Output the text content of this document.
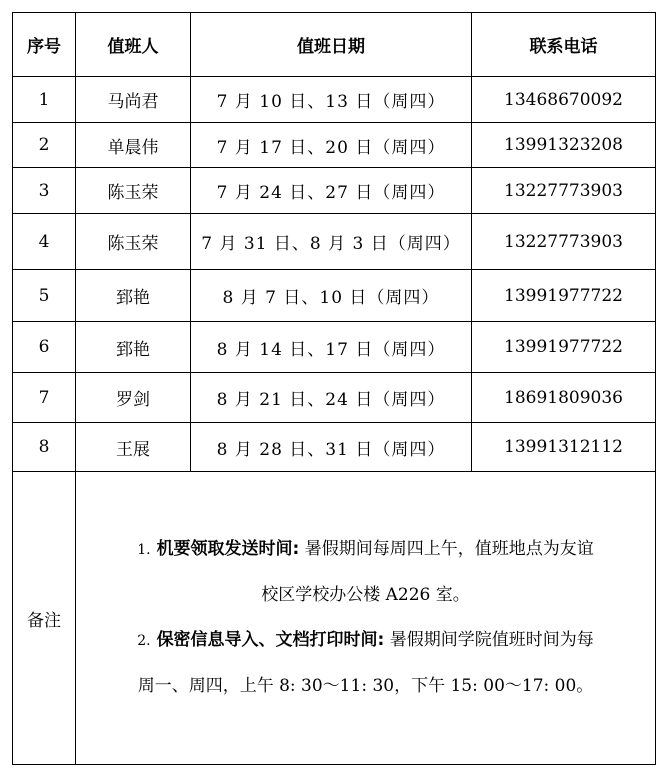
序号	值班人	值班日期	联系电话
1	马尚君	7 月 10 日、13 日（周四）	13468670092
2	单晨伟	7 月 17 日、20 日（周四）	13991323208
3	陈玉荣	7 月 24 日、27 日（周四）	13227773903
4	陈玉荣	7 月 31 日、8 月 3 日（周四）	13227773903
5	郅艳	8 月 7 日、10 日（周四）	13991977722
6	郅艳	8 月 14 日、17 日（周四）	13991977722
7	罗剑	8 月 21 日、24 日（周四）	18691809036
8	王展	8 月 28 日、31 日（周四）	13991312112
备注	1. 机要领取发送时间: 暑假期间每周四上午，值班地点为友谊
校区学校办公楼 A226 室。

2. 保密信息导入、文档打印时间: 暑假期间学院值班时间为每
周一、周四，上午 8: 30～11: 30，下午 15: 00～17: 00。		
